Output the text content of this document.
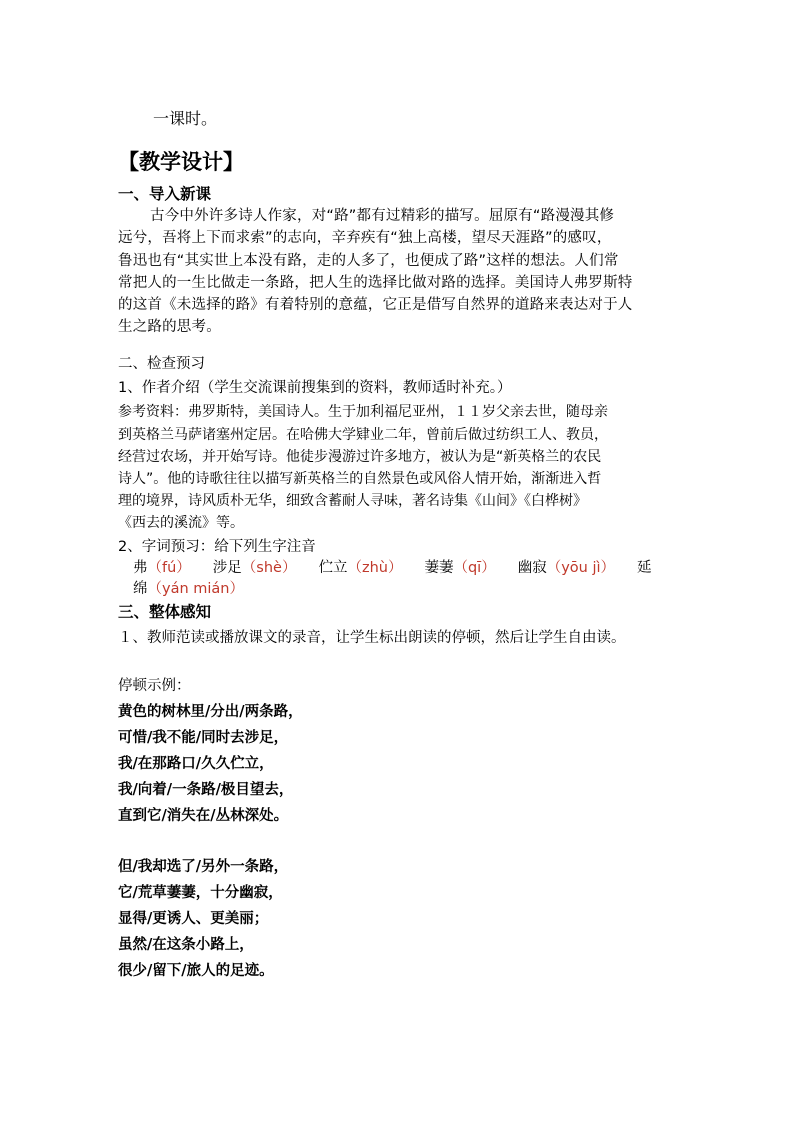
一课时。
【教学设计】
一、导入新课
古今中外许多诗人作家，对“路”都有过精彩的描写。屈原有“路漫漫其修
远兮，吾将上下而求索”的志向，辛弃疾有“独上高楼，望尽天涯路”的感叹，
鲁迅也有“其实世上本没有路，走的人多了，也便成了路”这样的想法。人们常
常把人的一生比做走一条路，把人生的选择比做对路的选择。美国诗人弗罗斯特
的这首《未选择的路》有着特别的意蕴，它正是借写自然界的道路来表达对于人
生之路的思考。
二、检查预习
1、作者介绍（学生交流课前搜集到的资料，教师适时补充。）
参考资料：弗罗斯特，美国诗人。生于加利福尼亚州，１１岁父亲去世，随母亲
到英格兰马萨诸塞州定居。在哈佛大学肄业二年，曾前后做过纺织工人、教员，
经营过农场，并开始写诗。他徒步漫游过许多地方，被认为是“新英格兰的农民
诗人”。他的诗歌往往以描写新英格兰的自然景色或风俗人情开始，渐渐进入哲
理的境界，诗风质朴无华，细致含蓄耐人寻味，著名诗集《山间》《白桦树》
《西去的溪流》等。
2、字词预习：给下列生字注音
弗（fú） 涉足（shè） 伫立（zhù） 萋萋（qī） 幽寂（yōu jì） 延
绵（yán mián）
三、整体感知
１、教师范读或播放课文的录音，让学生标出朗读的停顿，然后让学生自由读。
停顿示例：
黄色的树林里/分出/两条路，
可惜/我不能/同时去涉足，
我/在那路口/久久伫立，
我/向着/一条路/极目望去，
直到它/消失在/丛林深处。
但/我却选了/另外一条路，
它/荒草萋萋，十分幽寂，
显得/更诱人、更美丽；
虽然/在这条小路上，
很少/留下/旅人的足迹。
